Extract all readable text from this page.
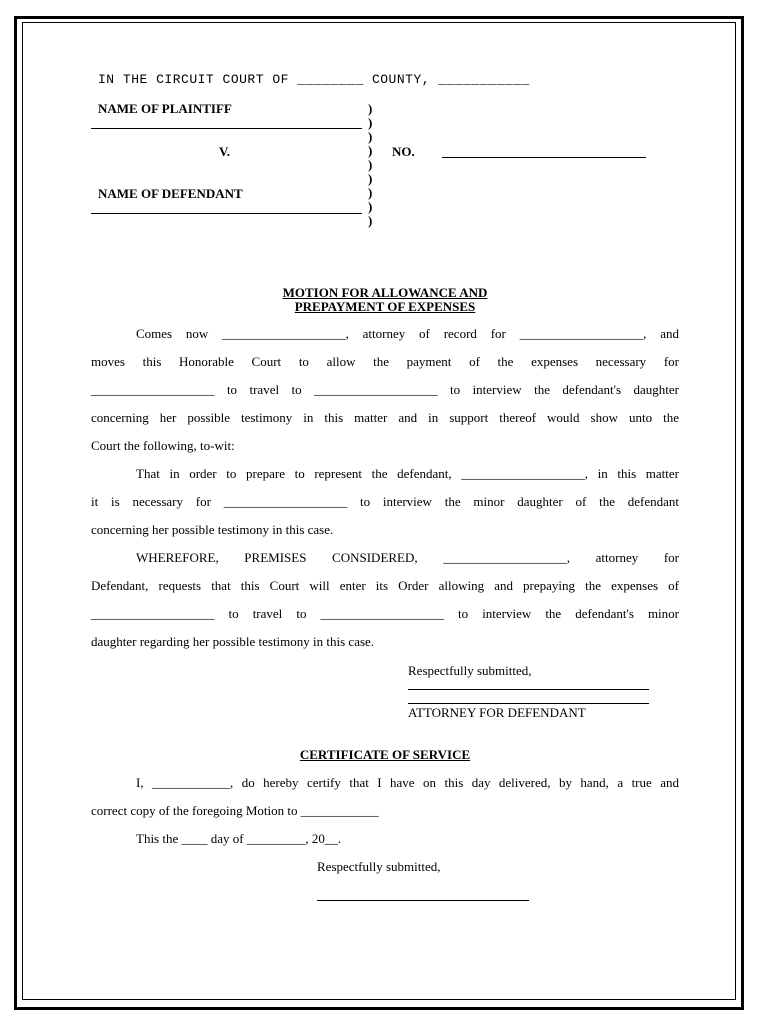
IN THE CIRCUIT COURT OF ________ COUNTY, ___________
NAME OF PLAINTIFF
V.
NAME OF DEFENDANT
)
)
)
)
)
)
)
)
)
NO.
MOTION FOR ALLOWANCE AND
PREPAYMENT OF EXPENSES
Comes now ___________________, attorney of record for ___________________, and
moves this Honorable Court to allow the payment of the expenses necessary for
___________________ to travel to ___________________ to interview the defendant's daughter
concerning her possible testimony in this matter and in support thereof would show unto the
Court the following, to-wit:
That in order to prepare to represent the defendant, ___________________, in this matter
it is necessary for ___________________ to interview the minor daughter of the defendant
concerning her possible testimony in this case.
WHEREFORE, PREMISES CONSIDERED, ___________________, attorney for
Defendant, requests that this Court will enter its Order allowing and prepaying the expenses of
___________________ to travel to ___________________ to interview the defendant's minor
daughter regarding her possible testimony in this case.
Respectfully submitted,
ATTORNEY FOR DEFENDANT
CERTIFICATE OF SERVICE
I, ____________, do hereby certify that I have on this day delivered, by hand, a true and
correct copy of the foregoing Motion to ____________
This the ____ day of _________, 20__.
Respectfully submitted,
